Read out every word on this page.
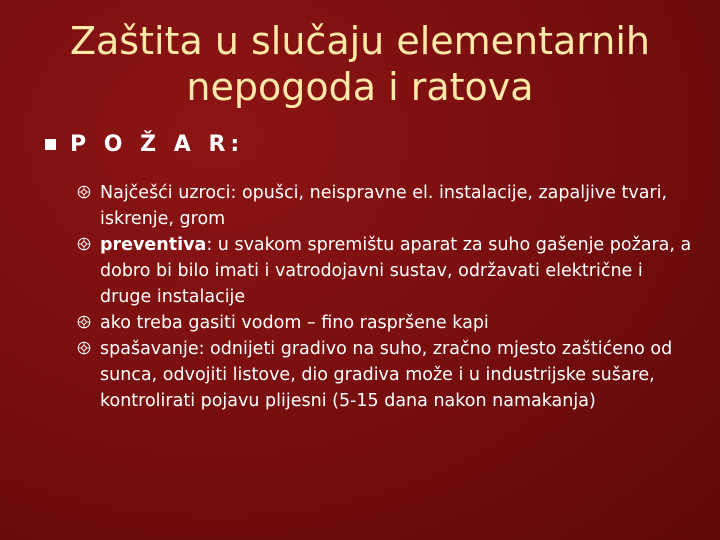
Zaštita u slučaju elementarnih
nepogoda i ratova
P O Ž A R:
Najčešći uzroci: opušci, neispravne el. instalacije, zapaljive tvari, iskrenje, grom
preventiva: u svakom spremištu aparat za suho gašenje požara, a dobro bi bilo imati i vatrodojavni sustav, održavati električne i druge instalacije
ako treba gasiti vodom – fino raspršene kapi
spašavanje: odnijeti gradivo na suho, zračno mjesto zaštićeno od sunca, odvojiti listove, dio gradiva može i u industrijske sušare, kontrolirati pojavu plijesni (5-15 dana nakon namakanja)
